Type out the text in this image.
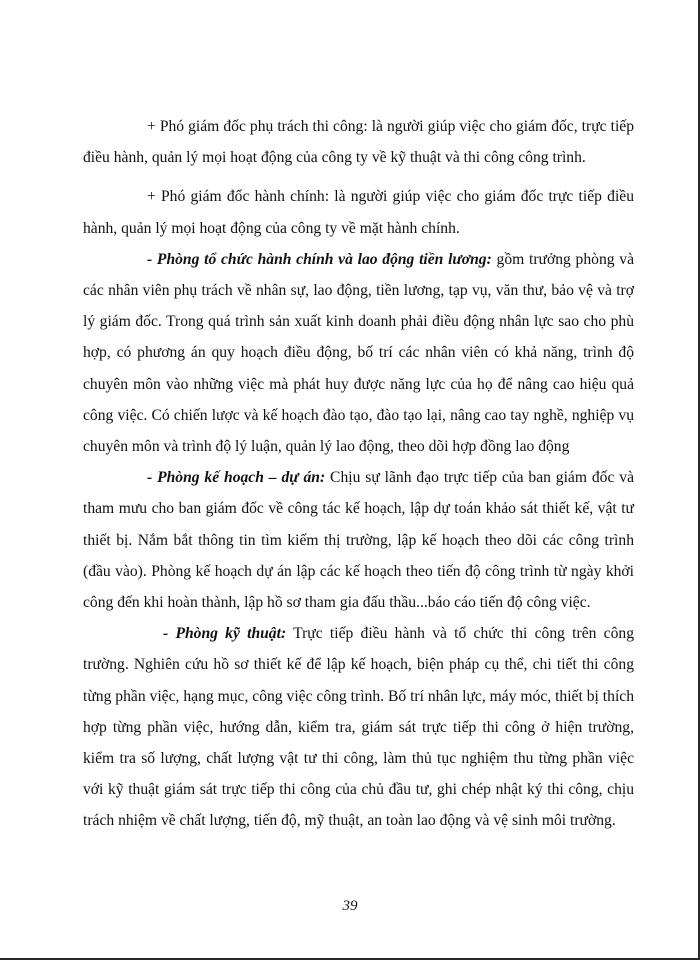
+ Phó giám đốc phụ trách thi công: là người giúp việc cho giám đốc, trực tiếp điều hành, quản lý mọi hoạt động của công ty về kỹ thuật và thi công công trình.

+ Phó giám đốc hành chính: là người giúp việc cho giám đốc trực tiếp điều hành, quản lý mọi hoạt động của công ty về mặt hành chính.

- Phòng tổ chức hành chính và lao động tiền lương: gồm trưởng phòng và các nhân viên phụ trách về nhân sự, lao động, tiền lương, tạp vụ, văn thư, bảo vệ và trợ lý giám đốc. Trong quá trình sản xuất kinh doanh phải điều động nhân lực sao cho phù hợp, có phương án quy hoạch điều động, bố trí các nhân viên có khả năng, trình độ chuyên môn vào những việc mà phát huy được năng lực của họ để nâng cao hiệu quả công việc. Có chiến lược và kế hoạch đào tạo, đào tạo lại, nâng cao tay nghề, nghiệp vụ chuyên môn và trình độ lý luận, quản lý lao động, theo dõi hợp đồng lao động

- Phòng kế hoạch – dự án: Chịu sự lãnh đạo trực tiếp của ban giám đốc và tham mưu cho ban giám đốc về công tác kế hoạch, lập dự toán khảo sát thiết kế, vật tư thiết bị. Nắm bắt thông tin tìm kiếm thị trường, lập kế hoạch theo dõi các công trình (đầu vào). Phòng kế hoạch dự án lập các kế hoạch theo tiến độ công trình từ ngày khởi công đến khi hoàn thành, lập hồ sơ tham gia đấu thầu...báo cáo tiến độ công việc.

- Phòng kỹ thuật: Trực tiếp điều hành và tổ chức thi công trên công trường. Nghiên cứu hồ sơ thiết kế để lập kế hoạch, biện pháp cụ thể, chi tiết thi công từng phần việc, hạng mục, công việc công trình. Bố trí nhân lực, máy móc, thiết bị thích hợp từng phần việc, hướng dẫn, kiểm tra, giám sát trực tiếp thi công ở hiện trường, kiểm tra số lượng, chất lượng vật tư thi công, làm thủ tục nghiệm thu từng phần việc với kỹ thuật giám sát trực tiếp thi công của chủ đầu tư, ghi chép nhật ký thi công, chịu trách nhiệm về chất lượng, tiến độ, mỹ thuật, an toàn lao động và vệ sinh môi trường.

39
